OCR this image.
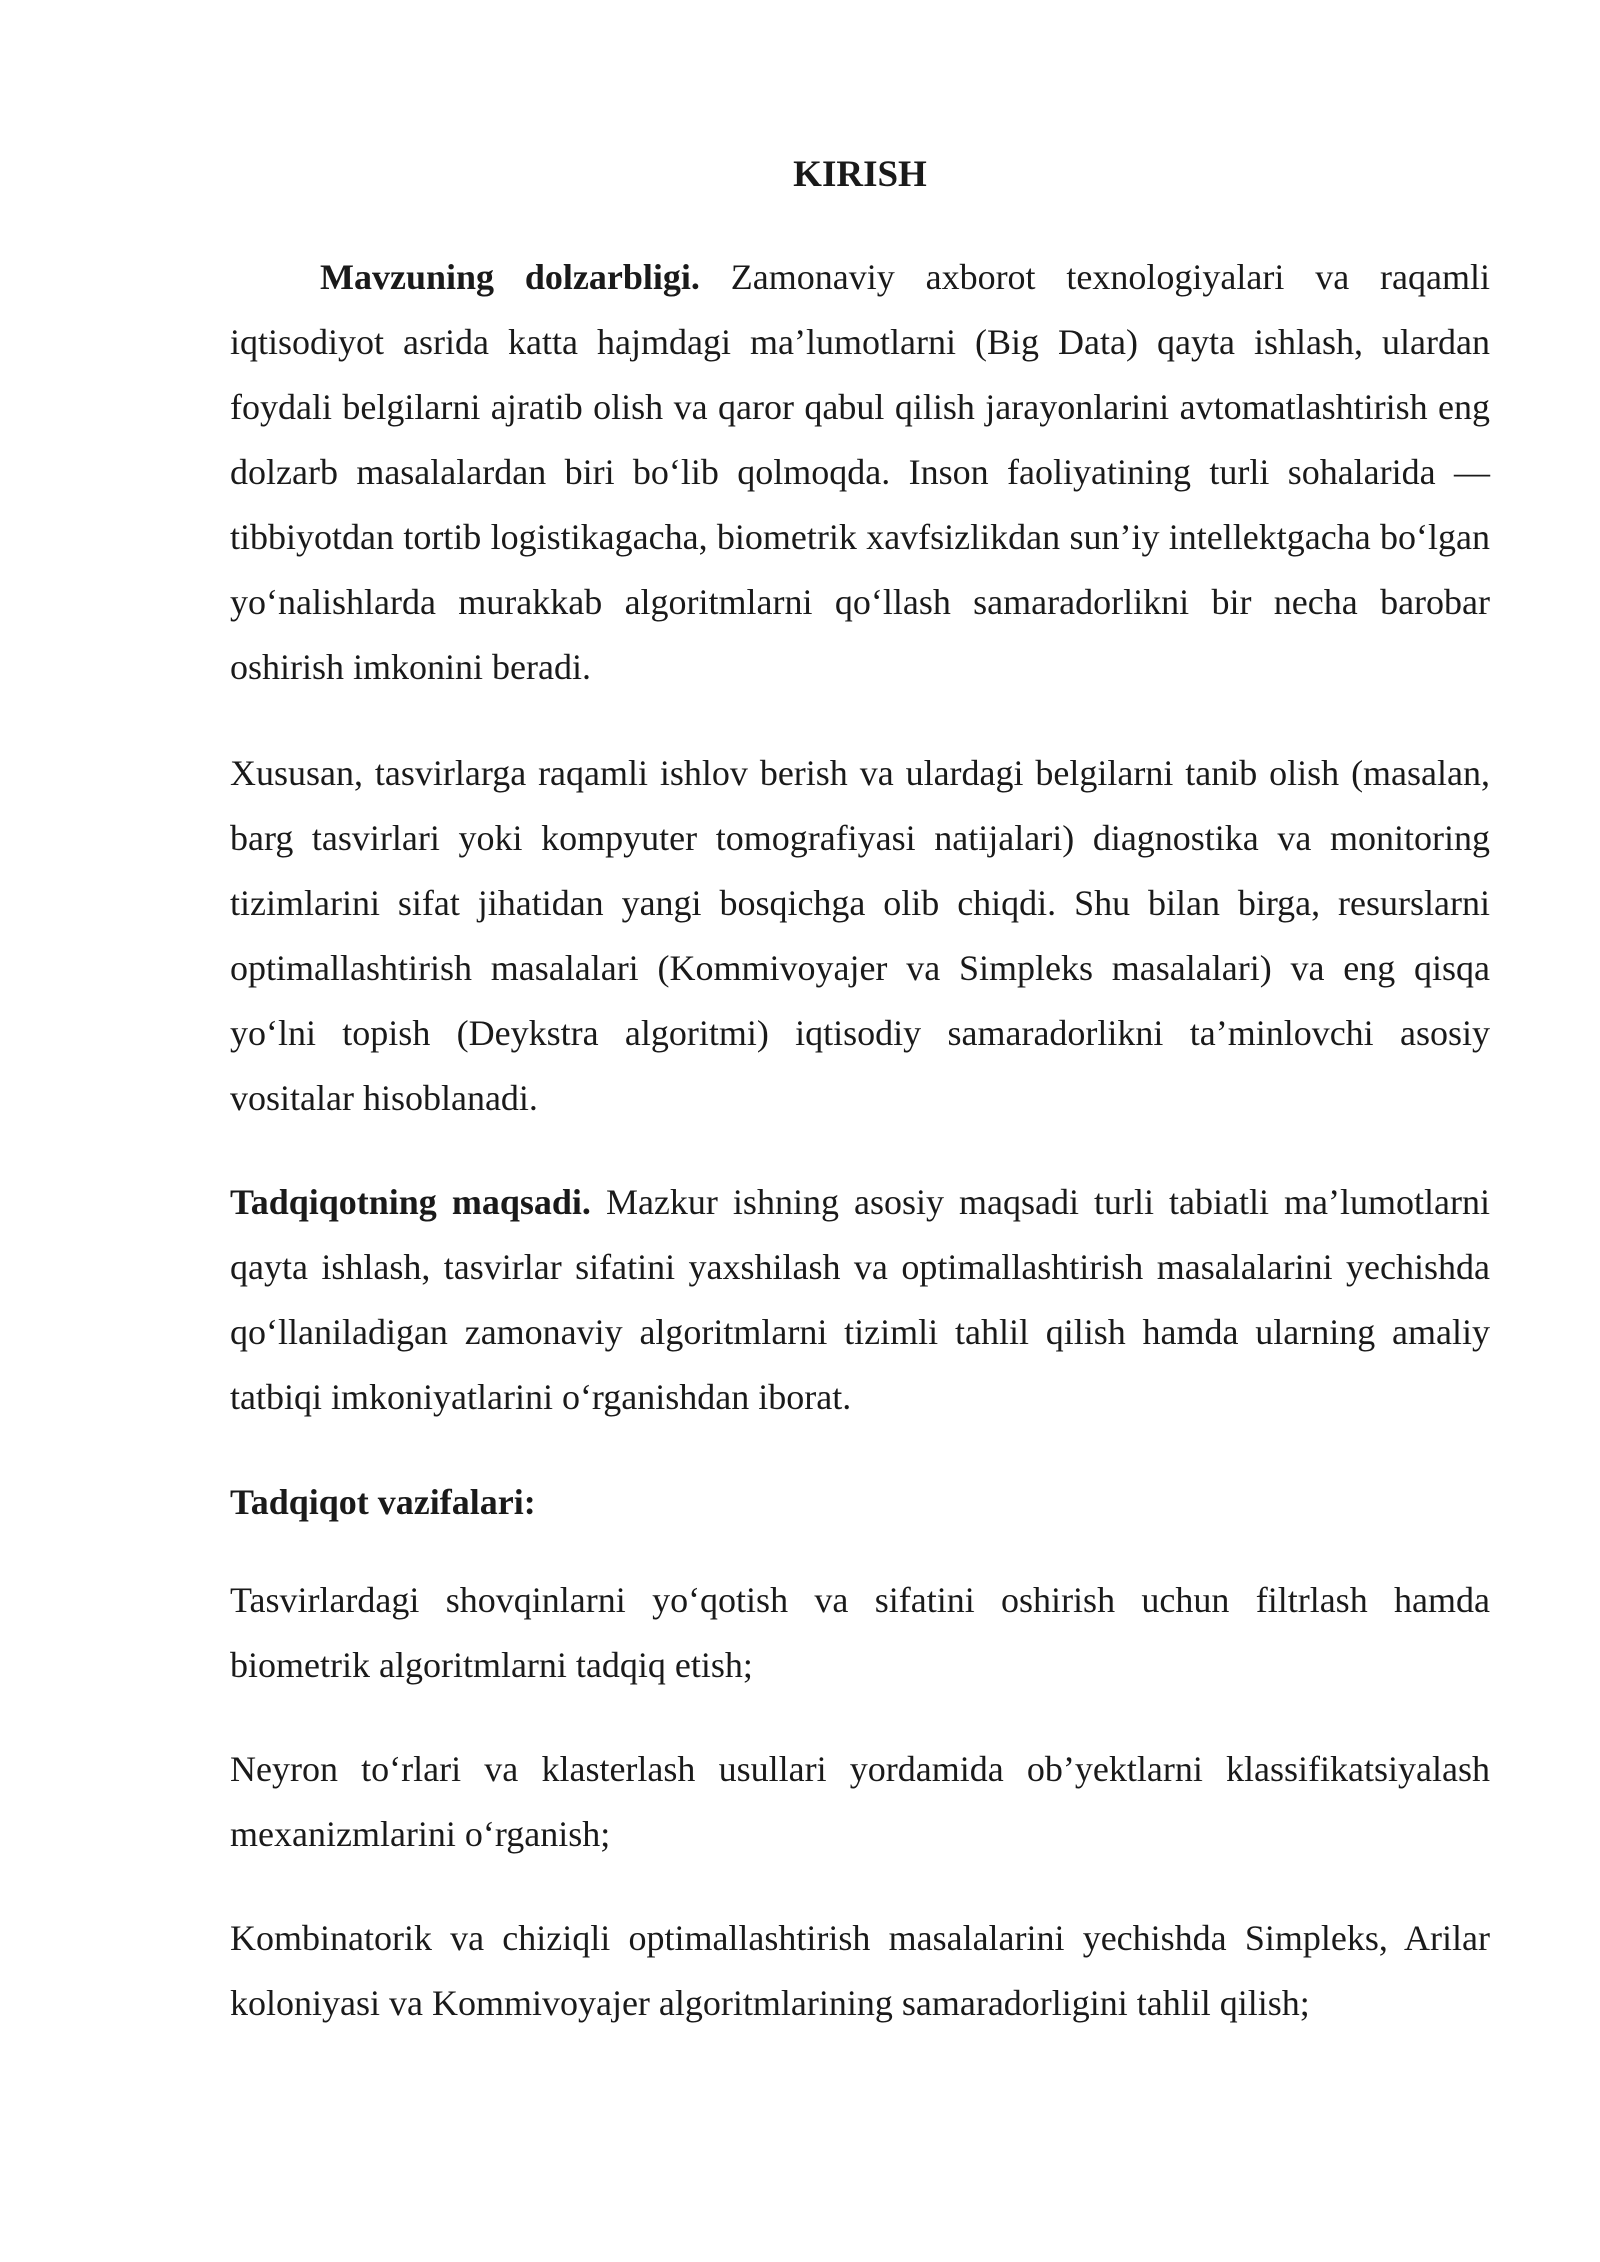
KIRISH

Mavzuning dolzarbligi. Zamonaviy axborot texnologiyalari va raqamli iqtisodiyot asrida katta hajmdagi ma’lumotlarni (Big Data) qayta ishlash, ulardan foydali belgilarni ajratib olish va qaror qabul qilish jarayonlarini avtomatlashtirish eng dolzarb masalalardan biri bo‘lib qolmoqda. Inson faoliyatining turli sohalarida — tibbiyotdan tortib logistikagacha, biometrik xavfsizlikdan sun’iy intellektgacha bo‘lgan yo‘nalishlarda murakkab algoritmlarni qo‘llash samaradorlikni bir necha barobar oshirish imkonini beradi.

Xususan, tasvirlarga raqamli ishlov berish va ulardagi belgilarni tanib olish (masalan, barg tasvirlari yoki kompyuter tomografiyasi natijalari) diagnostika va monitoring tizimlarini sifat jihatidan yangi bosqichga olib chiqdi. Shu bilan birga, resurslarni optimallashtirish masalalari (Kommivoyajer va Simpleks masalalari) va eng qisqa yo‘lni topish (Deykstra algoritmi) iqtisodiy samaradorlikni ta’minlovchi asosiy vositalar hisoblanadi.

Tadqiqotning maqsadi. Mazkur ishning asosiy maqsadi turli tabiatli ma’lumotlarni qayta ishlash, tasvirlar sifatini yaxshilash va optimallashtirish masalalarini yechishda qo‘llaniladigan zamonaviy algoritmlarni tizimli tahlil qilish hamda ularning amaliy tatbiqi imkoniyatlarini o‘rganishdan iborat.

Tadqiqot vazifalari:

Tasvirlardagi shovqinlarni yo‘qotish va sifatini oshirish uchun filtrlash hamda biometrik algoritmlarni tadqiq etish;

Neyron to‘rlari va klasterlash usullari yordamida ob’yektlarni klassifikatsiyalash mexanizmlarini o‘rganish;

Kombinatorik va chiziqli optimallashtirish masalalarini yechishda Simpleks, Arilar koloniyasi va Kommivoyajer algoritmlarining samaradorligini tahlil qilish;
